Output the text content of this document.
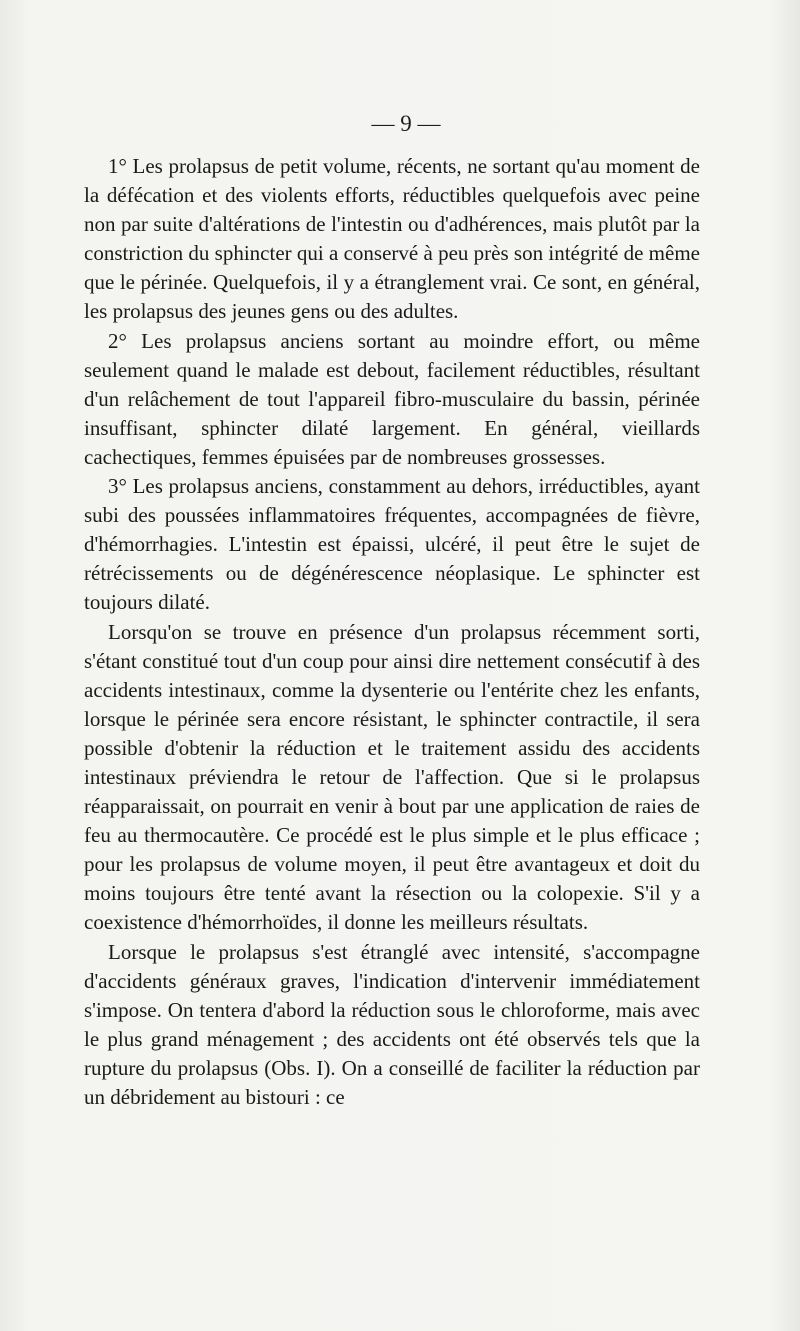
— 9 —

1° Les prolapsus de petit volume, récents, ne sortant qu'au moment de la défécation et des violents efforts, réductibles quelquefois avec peine non par suite d'altérations de l'intestin ou d'adhérences, mais plutôt par la constriction du sphincter qui a conservé à peu près son intégrité de même que le périnée. Quelquefois, il y a étranglement vrai. Ce sont, en général, les prolapsus des jeunes gens ou des adultes.

2° Les prolapsus anciens sortant au moindre effort, ou même seulement quand le malade est debout, facilement réductibles, résultant d'un relâchement de tout l'appareil fibro-musculaire du bassin, périnée insuffisant, sphincter dilaté largement. En général, vieillards cachectiques, femmes épuisées par de nombreuses grossesses.

3° Les prolapsus anciens, constamment au dehors, irréductibles, ayant subi des poussées inflammatoires fréquentes, accompagnées de fièvre, d'hémorrhagies. L'intestin est épaissi, ulcéré, il peut être le sujet de rétrécissements ou de dégénérescence néoplasique. Le sphincter est toujours dilaté.

Lorsqu'on se trouve en présence d'un prolapsus récemment sorti, s'étant constitué tout d'un coup pour ainsi dire nettement consécutif à des accidents intestinaux, comme la dysenterie ou l'entérite chez les enfants, lorsque le périnée sera encore résistant, le sphincter contractile, il sera possible d'obtenir la réduction et le traitement assidu des accidents intestinaux préviendra le retour de l'affection. Que si le prolapsus réapparaissait, on pourrait en venir à bout par une application de raies de feu au thermocautère. Ce procédé est le plus simple et le plus efficace ; pour les prolapsus de volume moyen, il peut être avantageux et doit du moins toujours être tenté avant la résection ou la colopexie. S'il y a coexistence d'hémorrhoïdes, il donne les meilleurs résultats.

Lorsque le prolapsus s'est étranglé avec intensité, s'accompagne d'accidents généraux graves, l'indication d'intervenir immédiatement s'impose. On tentera d'abord la réduction sous le chloroforme, mais avec le plus grand ménagement ; des accidents ont été observés tels que la rupture du prolapsus (Obs. I). On a conseillé de faciliter la réduction par un débridement au bistouri : ce
